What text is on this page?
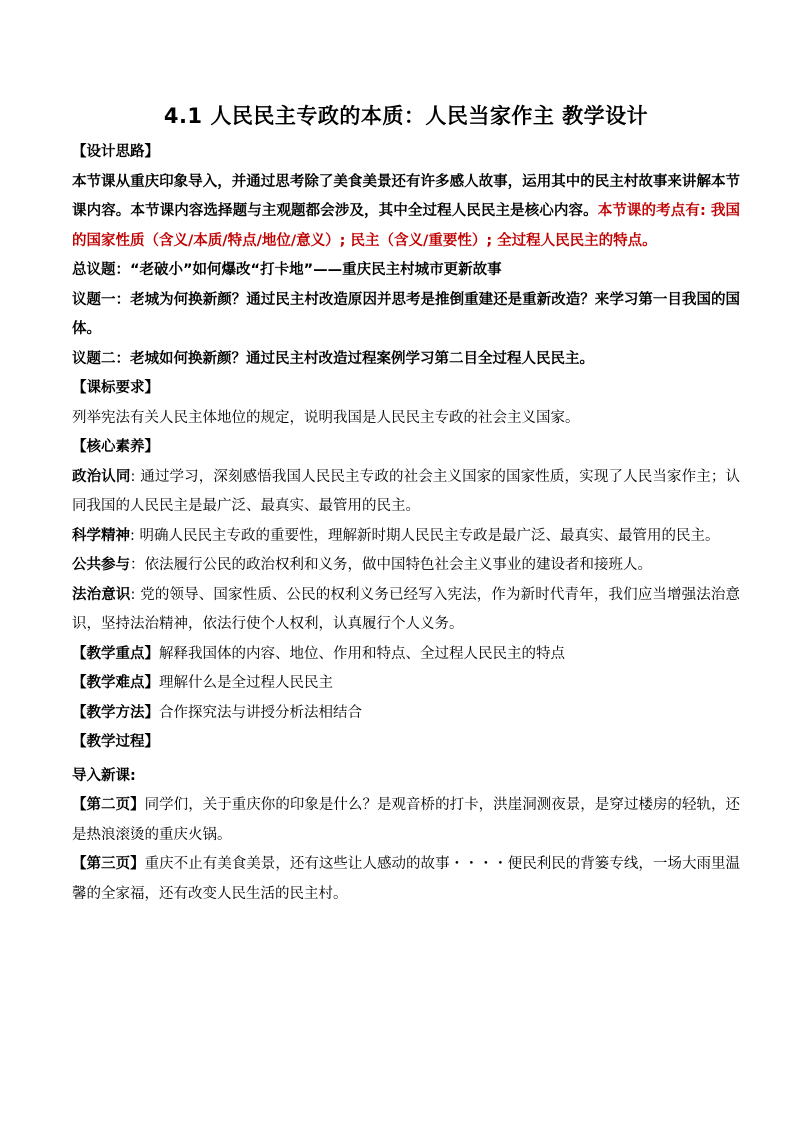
4.1 人民民主专政的本质：人民当家作主 教学设计

【设计思路】

本节课从重庆印象导入，并通过思考除了美食美景还有许多感人故事，运用其中的民主村故事来讲解本节课内容。本节课内容选择题与主观题都会涉及，其中全过程人民民主是核心内容。本节课的考点有: 我国的国家性质（含义/本质/特点/地位/意义）; 民主（含义/重要性）; 全过程人民民主的特点。

总议题：“老破小”如何爆改“打卡地”——重庆民主村城市更新故事

议题一：老城为何换新颜？通过民主村改造原因并思考是推倒重建还是重新改造？来学习第一目我国的国体。

议题二：老城如何换新颜？通过民主村改造过程案例学习第二目全过程人民民主。

【课标要求】

列举宪法有关人民主体地位的规定，说明我国是人民民主专政的社会主义国家。

【核心素养】

政治认同: 通过学习，深刻感悟我国人民民主专政的社会主义国家的国家性质，实现了人民当家作主；认同我国的人民民主是最广泛、最真实、最管用的民主。

科学精神: 明确人民民主专政的重要性，理解新时期人民民主专政是最广泛、最真实、最管用的民主。

公共参与：依法履行公民的政治权利和义务，做中国特色社会主义事业的建设者和接班人。

法治意识: 党的领导、国家性质、公民的权利义务已经写入宪法，作为新时代青年，我们应当增强法治意识，坚持法治精神，依法行使个人权利，认真履行个人义务。

【教学重点】解释我国体的内容、地位、作用和特点、全过程人民民主的特点

【教学难点】理解什么是全过程人民民主

【教学方法】合作探究法与讲授分析法相结合

【教学过程】

导入新课:

【第二页】同学们，关于重庆你的印象是什么？是观音桥的打卡，洪崖洞测夜景，是穿过楼房的轻轨，还是热浪滚烫的重庆火锅。

【第三页】重庆不止有美食美景，还有这些让人感动的故事・・・・便民利民的背篓专线，一场大雨里温馨的全家福，还有改变人民生活的民主村。
